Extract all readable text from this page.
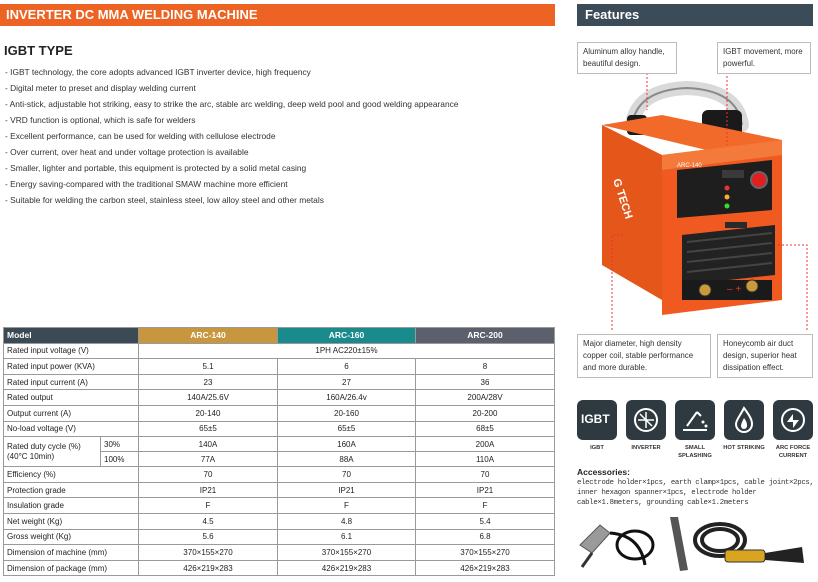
INVERTER DC MMA WELDING MACHINE	Features
IGBT TYPE
- IGBT technology, the core adopts advanced IGBT inverter device, high frequency
- Digital meter to preset and display welding current
- Anti-stick, adjustable hot striking, easy to strike the arc, stable arc welding, deep weld pool and good welding appearance
- VRD function is optional, which is safe for welders
- Excellent performance, can be used for welding with cellulose electrode
- Over current, over heat and under voltage protection is available
- Smaller, lighter and portable, this equipment is protected by a solid metal casing
- Energy saving-compared with the traditional SMAW machine more efficient
- Suitable for welding the carbon steel, stainless steel, low alloy steel and other metals
Model		ARC-140	ARC-160	ARC-200
Rated input voltage (V)		1PH AC220±15%		
Rated input power (KVA)		5.1	6	8
Rated input current (A)		23	27	36
Rated output		140A/25.6V	160A/26.4v	200A/28V
Output current (A)		20-140	20-160	20-200
No-load voltage (V)		65±5	65±5	68±5
Rated duty cycle (%) (40°C 10min)	30%	140A	160A	200A
	100%	77A	88A	110A
Efficiency (%)		70	70	70
Protection grade		IP21	IP21	IP21
Insulation grade		F	F	F
Net weight (Kg)		4.5	4.8	5.4
Gross weight (Kg)		5.6	6.1	6.8
Dimension of machine (mm)		370×155×270	370×155×270	370×155×270
Dimension of package (mm)		426×219×283	426×219×283	426×219×283
– +
G TECH
ARC-140
Aluminum alloy handle, beautiful design.
IGBT movement, more powerful.
Major diameter, high density copper coil, stable performance and more durable.
Honeycomb air duct design, superior heat dissipation effect.
IGBT
IGBT	INVERTER	SMALL SPLASHING
HOT STRIKING	ARC FORCE CURRENT
Accessories:
electrode holder×1pcs, earth clamp×1pcs, cable joint×2pcs, inner hexagon spanner×1pcs, electrode holder cable×1.8meters, grounding cable×1.2meters
